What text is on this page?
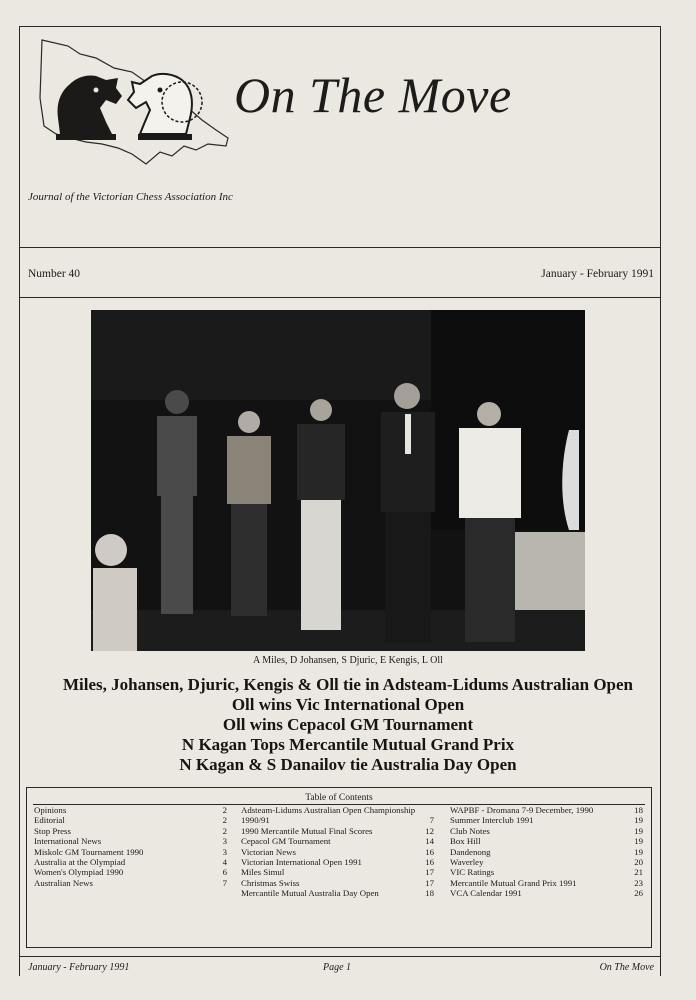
On The Move
Journal of the Victorian Chess Association Inc
Number 40	January - February 1991
A Miles, D Johansen, S Djuric, E Kengis, L Oll
Miles, Johansen, Djuric, Kengis & Oll tie in Adsteam-Lidums Australian Open
Oll wins Vic International Open
Oll wins Cepacol GM Tournament
N Kagan Tops Mercantile Mutual Grand Prix
N Kagan & S Danailov tie Australia Day Open
Table of Contents
Opinions	2
Editorial	2
Stop Press	2
International News	3
Miskolc GM Tournament 1990	3
Australia at the Olympiad	4
Women's Olympiad 1990	6
Australian News	7
Adsteam-Lidums Australian Open Championship
1990/91	7
1990 Mercantile Mutual Final Scores	12
Cepacol GM Tournament	14
Victorian News	16
Victorian International Open 1991	16
Miles Simul	17
Christmas Swiss	17
Mercantile Mutual Australia Day Open	18
WAPBF - Dromana 7-9 December, 1990	18
Summer Interclub 1991	19
Club Notes	19
Box Hill	19
Dandenong	19
Waverley	20
VIC Ratings	21
Mercantile Mutual Grand Prix 1991	23
VCA Calendar 1991	26
January - February 1991	Page 1	On The Move
